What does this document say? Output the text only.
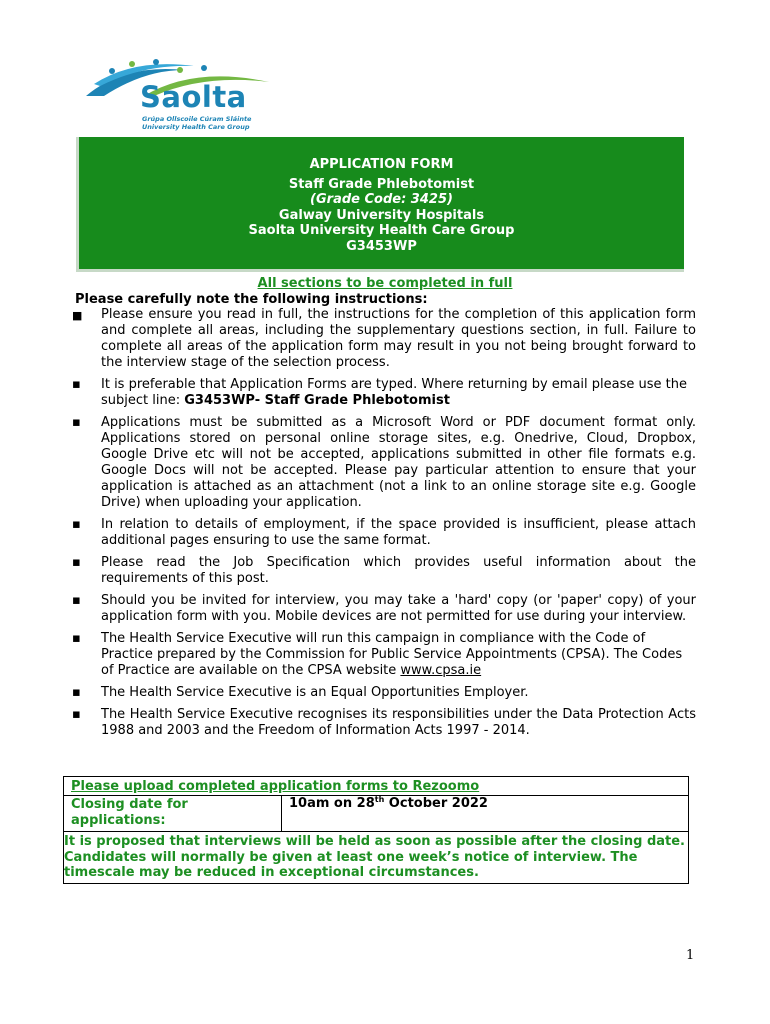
Saolta
Grúpa Ollscoile Cúram Sláinte
University Health Care Group
APPLICATION FORM
Staff Grade Phlebotomist
(Grade Code: 3425)
Galway University Hospitals
Saolta University Health Care Group
G3453WP
All sections to be completed in full
Please carefully note the following instructions:
■ Please ensure you read in full, the instructions for the completion of this application form and complete all areas, including the supplementary questions section, in full. Failure to complete all areas of the application form may result in you not being brought forward to the interview stage of the selection process.
▪ It is preferable that Application Forms are typed. Where returning by email please use the subject line: G3453WP- Staff Grade Phlebotomist
▪ Applications must be submitted as a Microsoft Word or PDF document format only. Applications stored on personal online storage sites, e.g. Onedrive, Cloud, Dropbox, Google Drive etc will not be accepted, applications submitted in other file formats e.g. Google Docs will not be accepted. Please pay particular attention to ensure that your application is attached as an attachment (not a link to an online storage site e.g. Google Drive) when uploading your application.
▪ In relation to details of employment, if the space provided is insufficient, please attach additional pages ensuring to use the same format.
▪ Please read the Job Specification which provides useful information about the requirements of this post.
▪ Should you be invited for interview, you may take a 'hard' copy (or 'paper' copy) of your application form with you. Mobile devices are not permitted for use during your interview.
▪ The Health Service Executive will run this campaign in compliance with the Code of Practice prepared by the Commission for Public Service Appointments (CPSA). The Codes of Practice are available on the CPSA website www.cpsa.ie
▪ The Health Service Executive is an Equal Opportunities Employer.
▪ The Health Service Executive recognises its responsibilities under the Data Protection Acts 1988 and 2003 and the Freedom of Information Acts 1997 - 2014.
Please upload completed application forms to Rezoomo
Closing date for applications:
10am on 28th October 2022
It is proposed that interviews will be held as soon as possible after the closing date. Candidates will normally be given at least one week’s notice of interview. The timescale may be reduced in exceptional circumstances.
1
